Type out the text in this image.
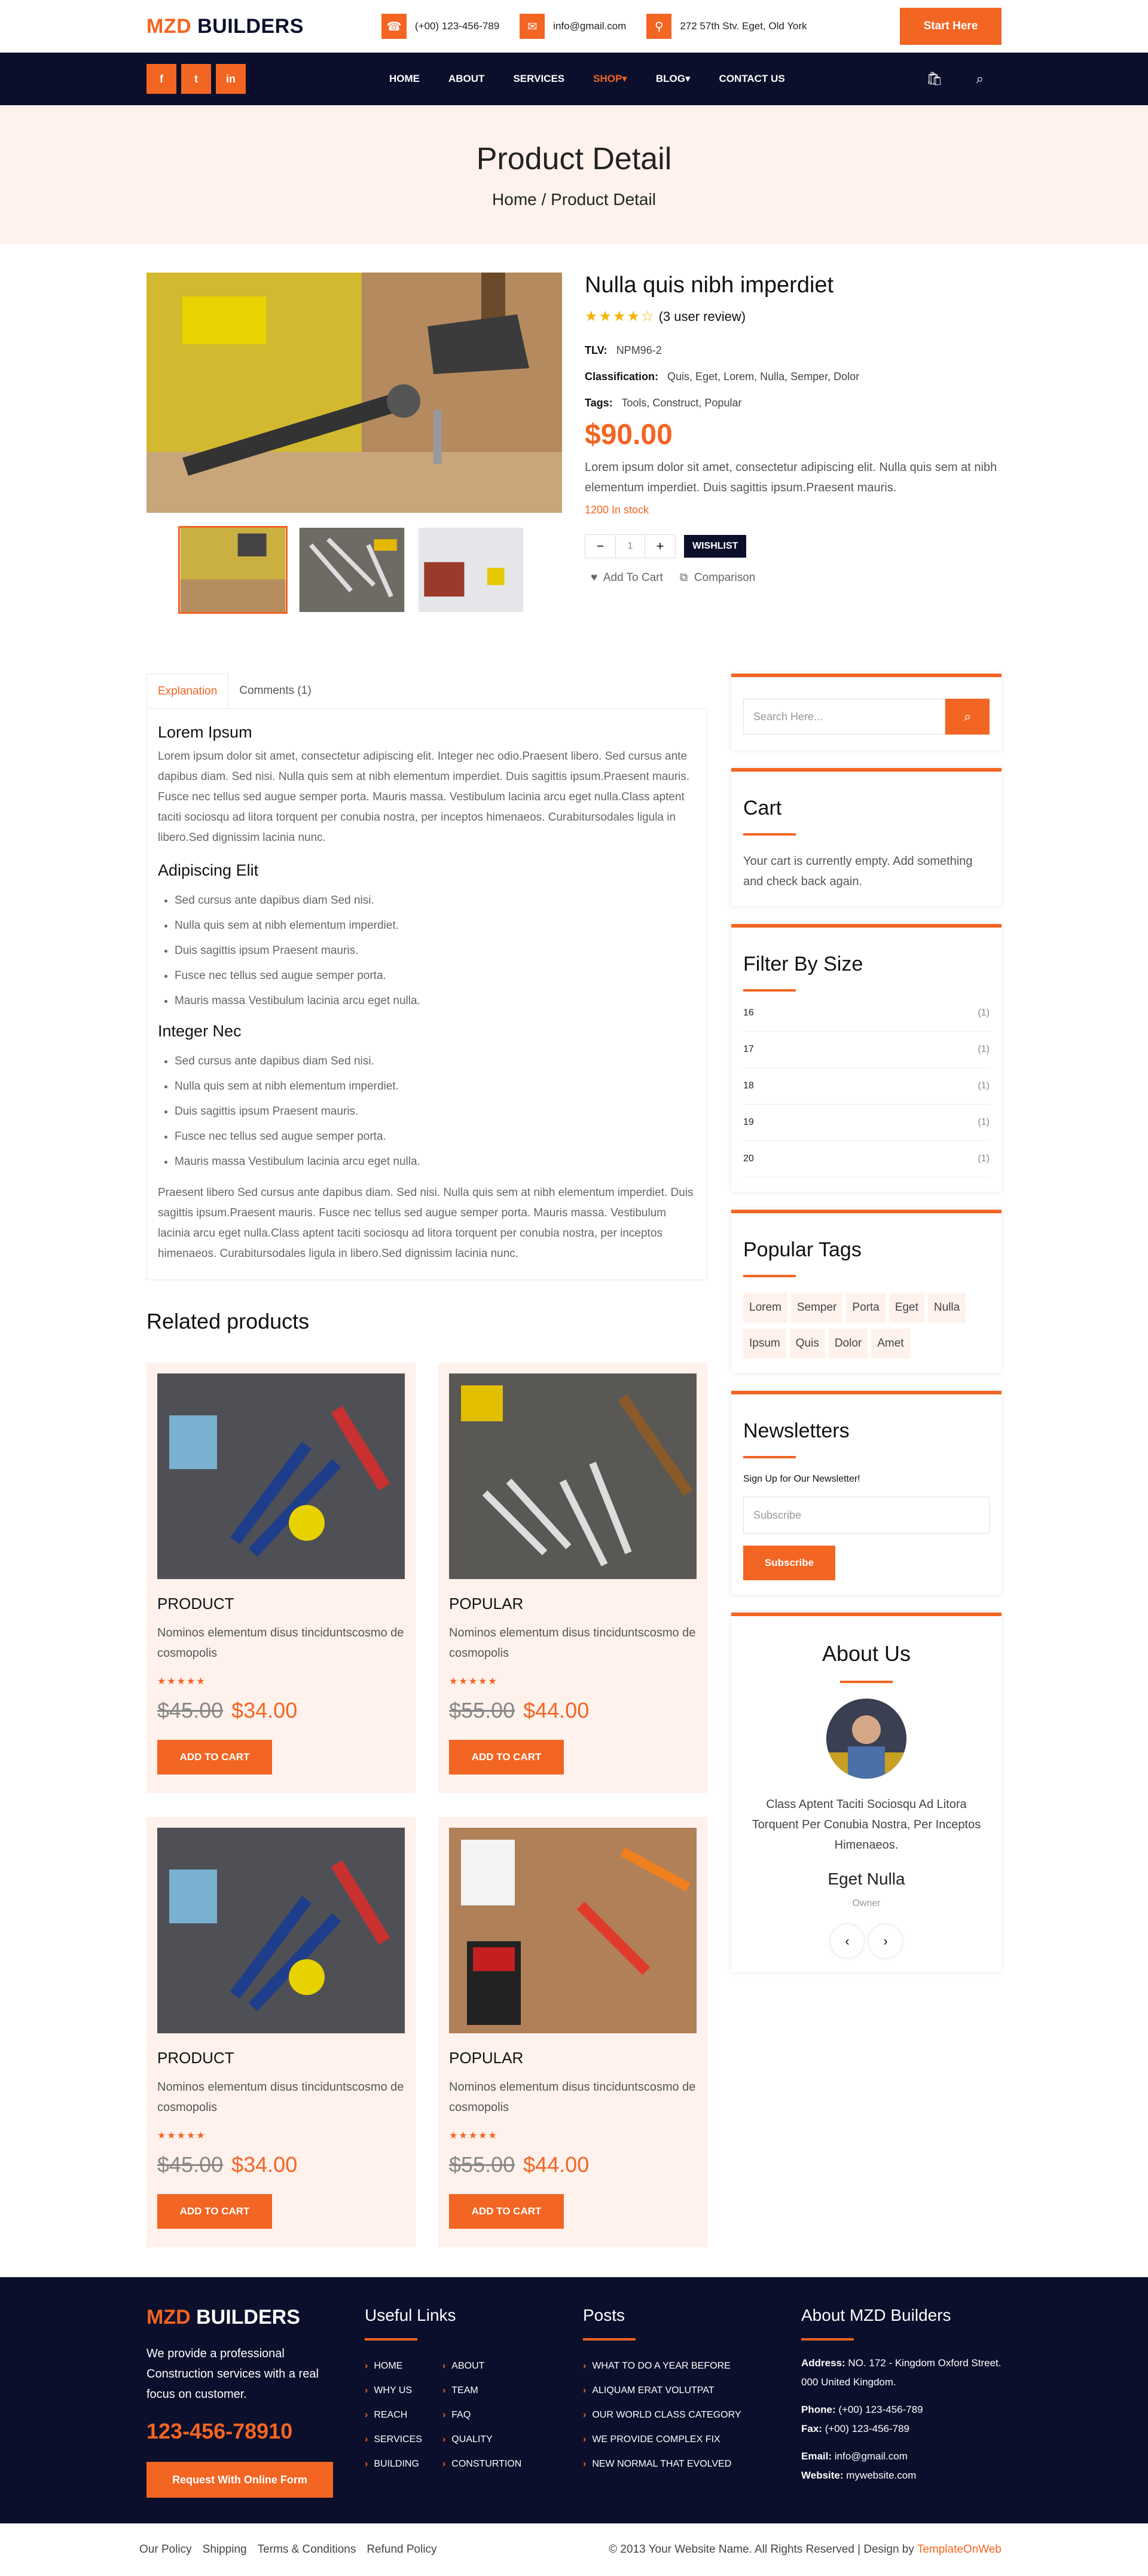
MZD BUILDERS	☎	(+00) 123-456-789	✉	info@gmail.com	⚲	272 57th Stv. Eget, Old York	Start Here
f	t	in	HOME	ABOUT	SERVICES	SHOP▾	BLOG▾	CONTACT US	🛍	⌕
Product Detail
Home / Product Detail
Nulla quis nibh imperdiet
★★★★☆ (3 user review)
TLV: NPM96-2
Classification: Quis, Eget, Lorem, Nulla, Semper, Dolor
Tags: Tools, Construct, Popular
$90.00
Lorem ipsum dolor sit amet, consectetur adipiscing elit. Nulla quis sem at nibh elementum imperdiet. Duis sagittis ipsum.Praesent mauris.
1200 In stock
−	1	+	WISHLIST
♥ Add To Cart ⧉ Comparison
Explanation	Comments (1)
Lorem Ipsum

Lorem ipsum dolor sit amet, consectetur adipiscing elit. Integer nec odio.Praesent libero. Sed cursus ante dapibus diam. Sed nisi. Nulla quis sem at nibh elementum imperdiet. Duis sagittis ipsum.Praesent mauris. Fusce nec tellus sed augue semper porta. Mauris massa. Vestibulum lacinia arcu eget nulla.Class aptent taciti sociosqu ad litora torquent per conubia nostra, per inceptos himenaeos. Curabitursodales ligula in libero.Sed dignissim lacinia nunc.

Adipiscing Elit
• Sed cursus ante dapibus diam Sed nisi.
• Nulla quis sem at nibh elementum imperdiet.
• Duis sagittis ipsum Praesent mauris.
• Fusce nec tellus sed augue semper porta.
• Mauris massa Vestibulum lacinia arcu eget nulla.
Integer Nec
• Sed cursus ante dapibus diam Sed nisi.
• Nulla quis sem at nibh elementum imperdiet.
• Duis sagittis ipsum Praesent mauris.
• Fusce nec tellus sed augue semper porta.
• Mauris massa Vestibulum lacinia arcu eget nulla.

Praesent libero Sed cursus ante dapibus diam. Sed nisi. Nulla quis sem at nibh elementum imperdiet. Duis sagittis ipsum.Praesent mauris. Fusce nec tellus sed augue semper porta. Mauris massa. Vestibulum lacinia arcu eget nulla.Class aptent taciti sociosqu ad litora torquent per conubia nostra, per inceptos himenaeos. Curabitursodales ligula in libero.Sed dignissim lacinia nunc.

Related products
PRODUCT

Nominos elementum disus tinciduntscosmo de cosmopolis

★★★★★
$45.00 $34.00
ADD TO CART
POPULAR

Nominos elementum disus tinciduntscosmo de cosmopolis

★★★★★
$55.00 $44.00
ADD TO CART
PRODUCT

Nominos elementum disus tinciduntscosmo de cosmopolis

★★★★★
$45.00 $34.00
ADD TO CART
POPULAR

Nominos elementum disus tinciduntscosmo de cosmopolis

★★★★★
$55.00 $44.00
ADD TO CART
Search Here...	⌕
Cart

Your cart is currently empty. Add something and check back again.

Filter By Size
16	(1)
17	(1)
18	(1)
19	(1)
20	(1)
Popular Tags
Lorem	Semper	Porta	Eget	Nulla
Ipsum	Quis	Dolor	Amet
Newsletters
Sign Up for Our Newsletter!
Subscribe
Subscribe
About Us
Class Aptent Taciti Sociosqu Ad Litora Torquent Per Conubia Nostra, Per Inceptos Himenaeos.
Eget Nulla
Owner
‹	›
MZD BUILDERS
We provide a professional Construction services with a real focus on customer.
123-456-78910
Request With Online Form
Useful Links
› HOME
› WHY US
› REACH
› SERVICES
› BUILDING
› ABOUT
› TEAM
› FAQ
› QUALITY
› CONSTURTION
Posts
› WHAT TO DO A YEAR BEFORE
› ALIQUAM ERAT VOLUTPAT
› OUR WORLD CLASS CATEGORY
› WE PROVIDE COMPLEX FIX
› NEW NORMAL THAT EVOLVED
About MZD Builders
Address: NO. 172 - Kingdom Oxford Street. 000 United Kingdom.
Phone: (+00) 123-456-789
Fax: (+00) 123-456-789
Email: info@gmail.com
Website: mywebsite.com
Our Policy Shipping Terms & Conditions Refund Policy	© 2013 Your Website Name. All Rights Reserved | Design by TemplateOnWeb
